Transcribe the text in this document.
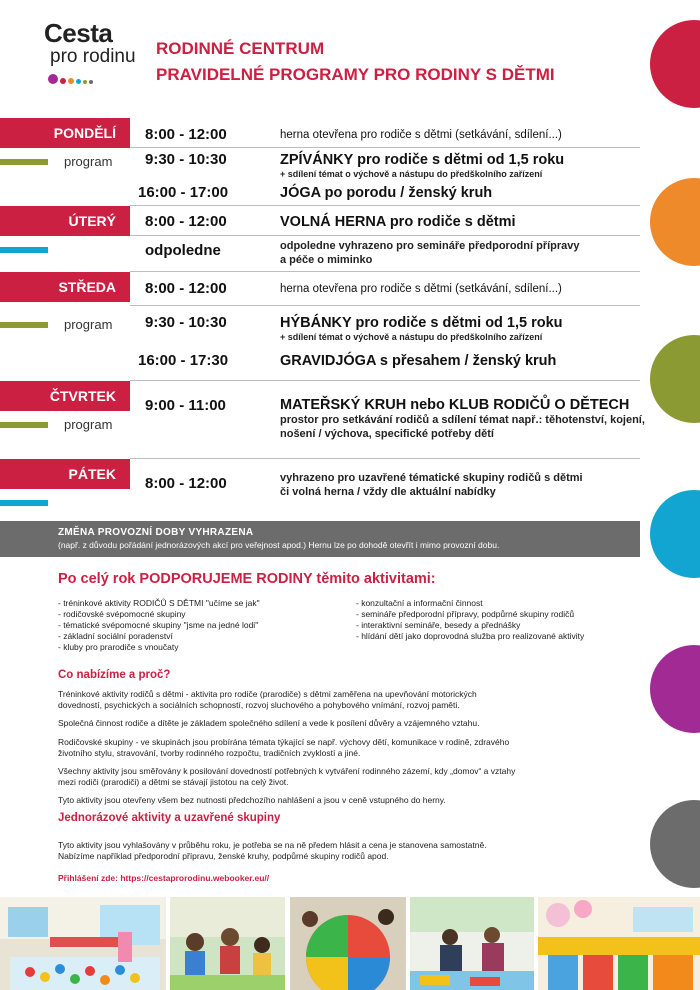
Cesta
pro rodinu	RODINNÉ CENTRUM
PRAVIDELNÉ PROGRAMY PRO RODINY S DĚTMI
PONDĚLÍ	8:00 - 12:00	herna otevřena pro rodiče s dětmi (setkávání, sdílení...)
program 9:30 - 10:30	ZPÍVÁNKY pro rodiče s dětmi od 1,5 roku
+ sdílení témat o výchově a nástupu do předškolního zařízení
16:00 - 17:00	JÓGA po porodu / ženský kruh
ÚTERÝ	8:00 - 12:00	VOLNÁ HERNA pro rodiče s dětmi
odpoledne	odpoledne vyhrazeno pro semináře předporodní přípravy
a péče o miminko
STŘEDA	8:00 - 12:00	herna otevřena pro rodiče s dětmi (setkávání, sdílení...)
program 9:30 - 10:30	HÝBÁNKY pro rodiče s dětmi od 1,5 roku
+ sdílení témat o výchově a nástupu do předškolního zařízení
16:00 - 17:30	GRAVIDJÓGA s přesahem / ženský kruh
ČTVRTEK
9:00 - 11:00	MATEŘSKÝ KRUH nebo KLUB RODIČŮ O DĚTECH
prostor pro setkávání rodičů a sdílení témat např.: těhotenství, kojení,
nošení / výchova, specifické potřeby dětí
program
PÁTEK
8:00 - 12:00	vyhrazeno pro uzavřené tématické skupiny rodičů s dětmi
či volná herna / vždy dle aktuální nabídky
ZMĚNA PROVOZNÍ DOBY VYHRAZENA
(např. z důvodu pořádání jednorázových akcí pro veřejnost apod.) Hernu lze po dohodě otevřít i mimo provozní dobu.
Po celý rok PODPORUJEME RODINY těmito aktivitami:
- tréninkové aktivity RODIČŮ S DĚTMI "učíme se jak"
- rodičovské svépomocné skupiny
- tématické svépomocné skupiny "jsme na jedné lodi"
- základní sociální poradenství
- kluby pro prarodiče s vnoučaty
- konzultační a informační činnost
- semináře předporodní přípravy, podpůrné skupiny rodičů
- interaktivní semináře, besedy a přednášky
- hlídání dětí jako doprovodná služba pro realizované aktivity
Co nabízíme a proč?
Tréninkové aktivity rodičů s dětmi - aktivita pro rodiče (prarodiče) s dětmi zaměřena na upevňování motorických
dovedností, psychických a sociálních schopností, rozvoj sluchového a pohybového vnímání, rozvoj paměti.
Společná činnost rodiče a dítěte je základem společného sdílení a vede k posílení důvěry a vzájemného vztahu.
Rodičovské skupiny - ve skupinách jsou probírána témata týkající se např. výchovy dětí, komunikace v rodině, zdravého
životního stylu, stravování, tvorby rodinného rozpočtu, tradičních zvyklostí a jiné.
Všechny aktivity jsou směřovány k posilování dovedností potřebných k vytváření rodinného zázemí, kdy „domov“ a vztahy
mezi rodiči (prarodiči) a dětmi se stávají jistotou na celý život.
Tyto aktivity jsou otevřeny všem bez nutnosti předchozího nahlášení a jsou v ceně vstupného do herny.
Jednorázové aktivity a uzavřené skupiny
Tyto aktivity jsou vyhlašovány v průběhu roku, je potřeba se na ně předem hlásit a cena je stanovena samostatně.
Nabízíme například předporodní přípravu, ženské kruhy, podpůrné skupiny rodičů apod.
Přihlášení zde: https://cestaprorodinu.webooker.eu//
